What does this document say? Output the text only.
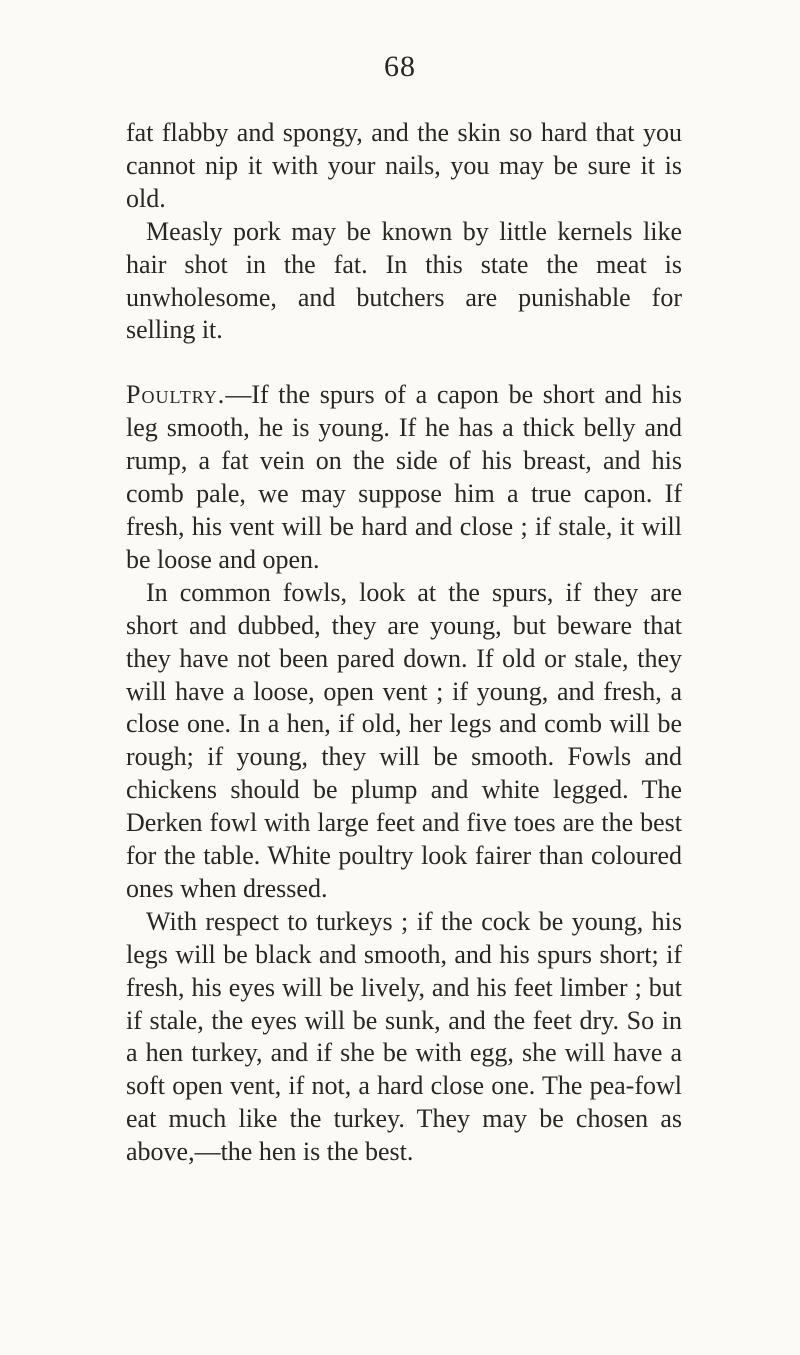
68

fat flabby and spongy, and the skin so hard that you cannot nip it with your nails, you may be sure it is old.

Measly pork may be known by little kernels like hair shot in the fat. In this state the meat is unwholesome, and butchers are punishable for selling it.

Poultry.—If the spurs of a capon be short and his leg smooth, he is young. If he has a thick belly and rump, a fat vein on the side of his breast, and his comb pale, we may suppose him a true capon. If fresh, his vent will be hard and close ; if stale, it will be loose and open.

In common fowls, look at the spurs, if they are short and dubbed, they are young, but beware that they have not been pared down. If old or stale, they will have a loose, open vent ; if young, and fresh, a close one. In a hen, if old, her legs and comb will be rough; if young, they will be smooth. Fowls and chickens should be plump and white legged. The Derken fowl with large feet and five toes are the best for the table. White poultry look fairer than coloured ones when dressed.

With respect to turkeys ; if the cock be young, his legs will be black and smooth, and his spurs short; if fresh, his eyes will be lively, and his feet limber ; but if stale, the eyes will be sunk, and the feet dry. So in a hen turkey, and if she be with egg, she will have a soft open vent, if not, a hard close one. The pea-fowl eat much like the turkey. They may be chosen as above,—the hen is the best.
